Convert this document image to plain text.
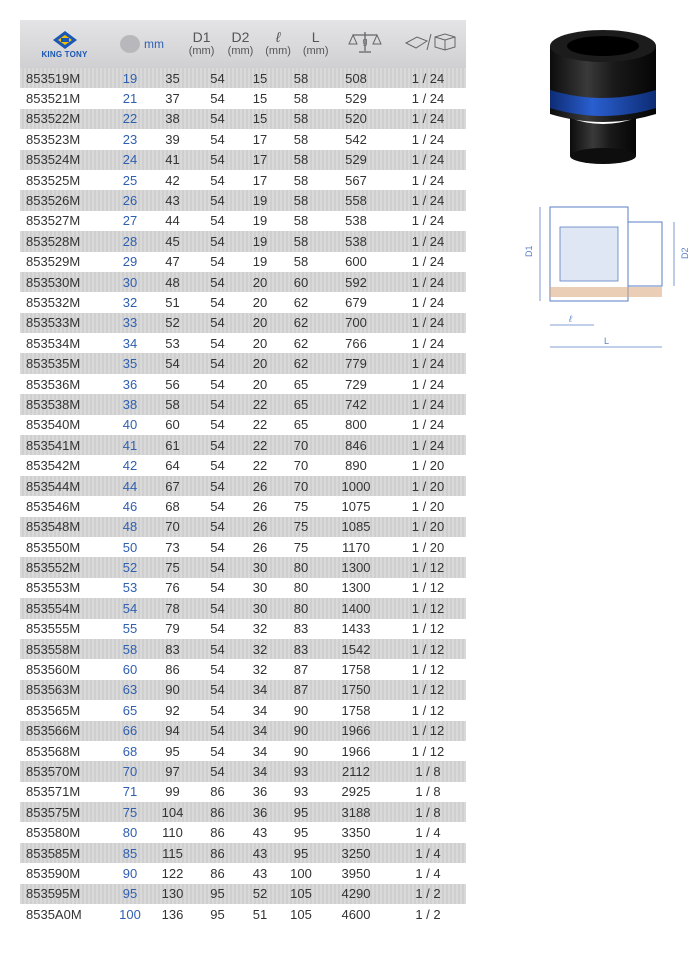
KING TONY
mm	D1
(mm)
D2
(mm)
ℓ
(mm)
L
(mm)
g
853519M	19	35	54	15	58	508	1 / 24
853521M	21	37	54	15	58	529	1 / 24
853522M	22	38	54	15	58	520	1 / 24
853523M	23	39	54	17	58	542	1 / 24
853524M	24	41	54	17	58	529	1 / 24
853525M	25	42	54	17	58	567	1 / 24
853526M	26	43	54	19	58	558	1 / 24
853527M	27	44	54	19	58	538	1 / 24
853528M	28	45	54	19	58	538	1 / 24
853529M	29	47	54	19	58	600	1 / 24
853530M	30	48	54	20	60	592	1 / 24
853532M	32	51	54	20	62	679	1 / 24
853533M	33	52	54	20	62	700	1 / 24
853534M	34	53	54	20	62	766	1 / 24
853535M	35	54	54	20	62	779	1 / 24
853536M	36	56	54	20	65	729	1 / 24
853538M	38	58	54	22	65	742	1 / 24
853540M	40	60	54	22	65	800	1 / 24
853541M	41	61	54	22	70	846	1 / 24
853542M	42	64	54	22	70	890	1 / 20
853544M	44	67	54	26	70	1000	1 / 20
853546M	46	68	54	26	75	1075	1 / 20
853548M	48	70	54	26	75	1085	1 / 20
853550M	50	73	54	26	75	1170	1 / 20
853552M	52	75	54	30	80	1300	1 / 12
853553M	53	76	54	30	80	1300	1 / 12
853554M	54	78	54	30	80	1400	1 / 12
853555M	55	79	54	32	83	1433	1 / 12
853558M	58	83	54	32	83	1542	1 / 12
853560M	60	86	54	32	87	1758	1 / 12
853563M	63	90	54	34	87	1750	1 / 12
853565M	65	92	54	34	90	1758	1 / 12
853566M	66	94	54	34	90	1966	1 / 12
853568M	68	95	54	34	90	1966	1 / 12
853570M	70	97	54	34	93	2112	1 / 8
853571M	71	99	86	36	93	2925	1 / 8
853575M	75	104	86	36	95	3188	1 / 8
853580M	80	110	86	43	95	3350	1 / 4
853585M	85	115	86	43	95	3250	1 / 4
853590M	90	122	86	43	100	3950	1 / 4
853595M	95	130	95	52	105	4290	1 / 2
8535A0M	100	136	95	51	105	4600	1 / 2
D1	D2
ℓ
L
